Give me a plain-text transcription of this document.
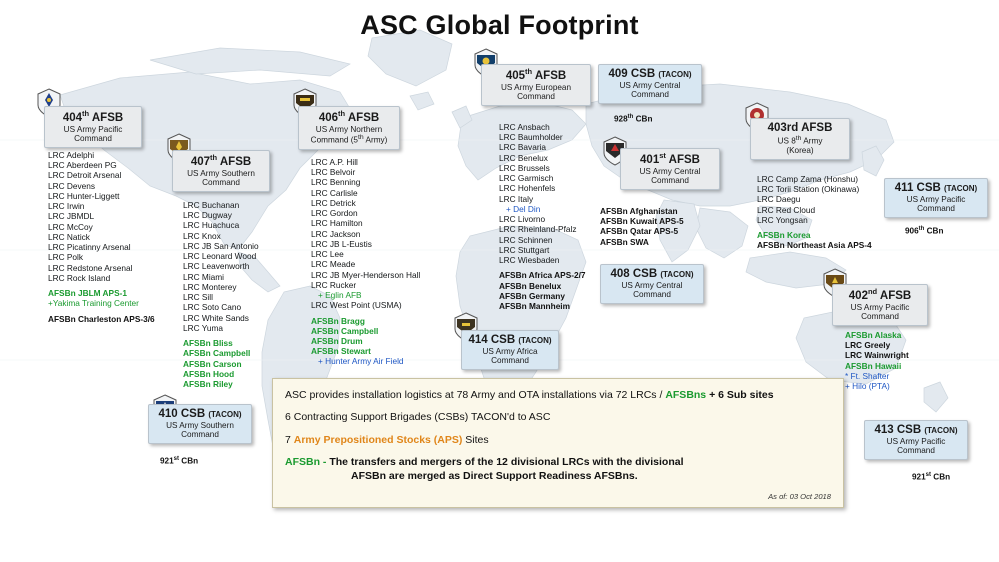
ASC Global Footprint
404th AFSB
US Army Pacific
Command
407th AFSB
US Army Southern
Command
406th AFSB
US Army Northern
Command (5th Army)
405th AFSB
US Army European
Command
409 CSB (TACON)
US Army Central
Command
401st AFSB
US Army Central
Command
403rd AFSB
US 8th Army
(Korea)
411 CSB (TACON)
US Army Pacific
Command
408 CSB (TACON)
US Army Central
Command
414 CSB (TACON)
US Army Africa
Command
402nd AFSB
US Army Pacific
Command
410 CSB (TACON)
US Army Southern
Command	413 CSB (TACON)
US Army Pacific
Command
928th CBn
906th CBn
921st CBn
921st CBn
LRC Adelphi
LRC Aberdeen PG
LRC Detroit Arsenal
LRC Devens
LRC Hunter-Liggett
LRC Irwin
LRC JBMDL
LRC McCoy
LRC Natick
LRC Picatinny Arsenal
LRC Polk
LRC Redstone Arsenal
LRC Rock Island

AFSBn JBLM APS-1
+Yakima Training Center

AFSBn Charleston APS-3/6
LRC Buchanan
LRC Dugway
LRC Huachuca
LRC Knox
LRC JB San Antonio
LRC Leonard Wood
LRC Leavenworth
LRC Miami
LRC Monterey
LRC Sill
LRC Soto Cano
LRC White Sands
LRC Yuma

AFSBn Bliss
AFSBn Campbell
AFSBn Carson
AFSBn Hood
AFSBn Riley
LRC A.P. Hill
LRC Belvoir
LRC Benning
LRC Carlisle
LRC Detrick
LRC Gordon
LRC Hamilton
LRC Jackson
LRC JB L-Eustis
LRC Lee
LRC Meade
LRC JB Myer-Henderson Hall
LRC Rucker
+ Eglin AFB
LRC West Point (USMA)

AFSBn Bragg
AFSBn Campbell
AFSBn Drum
AFSBn Stewart
+ Hunter Army Air Field
LRC Ansbach
LRC Baumholder
LRC Bavaria
LRC Benelux
LRC Brussels
LRC Garmisch
LRC Hohenfels
LRC Italy
+ Del Din
LRC Livorno
LRC Rheinland-Pfalz
LRC Schinnen
LRC Stuttgart
LRC Wiesbaden

AFSBn Africa APS-2/7
AFSBn Benelux
AFSBn Germany
AFSBn Mannheim
AFSBn Afghanistan
AFSBn Kuwait APS-5
AFSBn Qatar APS-5
AFSBn SWA
LRC Camp Zama (Honshu)
LRC Torii Station (Okinawa)
LRC Daegu
LRC Red Cloud
LRC Yongsan

AFSBn Korea
AFSBn Northeast Asia APS-4
AFSBn Alaska
LRC Greely
LRC Wainwright
AFSBn Hawaii
* Ft. Shafter
+ Hilo (PTA)
ASC provides installation logistics at 78 Army and OTA installations via 72 LRCs / AFSBns + 6 Sub sites
6 Contracting Support Brigades (CSBs) TACON'd to ASC
7 Army Prepositioned Stocks (APS) Sites
AFSBn - The transfers and mergers of the 12 divisional LRCs with the divisional
AFSBn are merged as Direct Support Readiness AFSBns.
As of: 03 Oct 2018
